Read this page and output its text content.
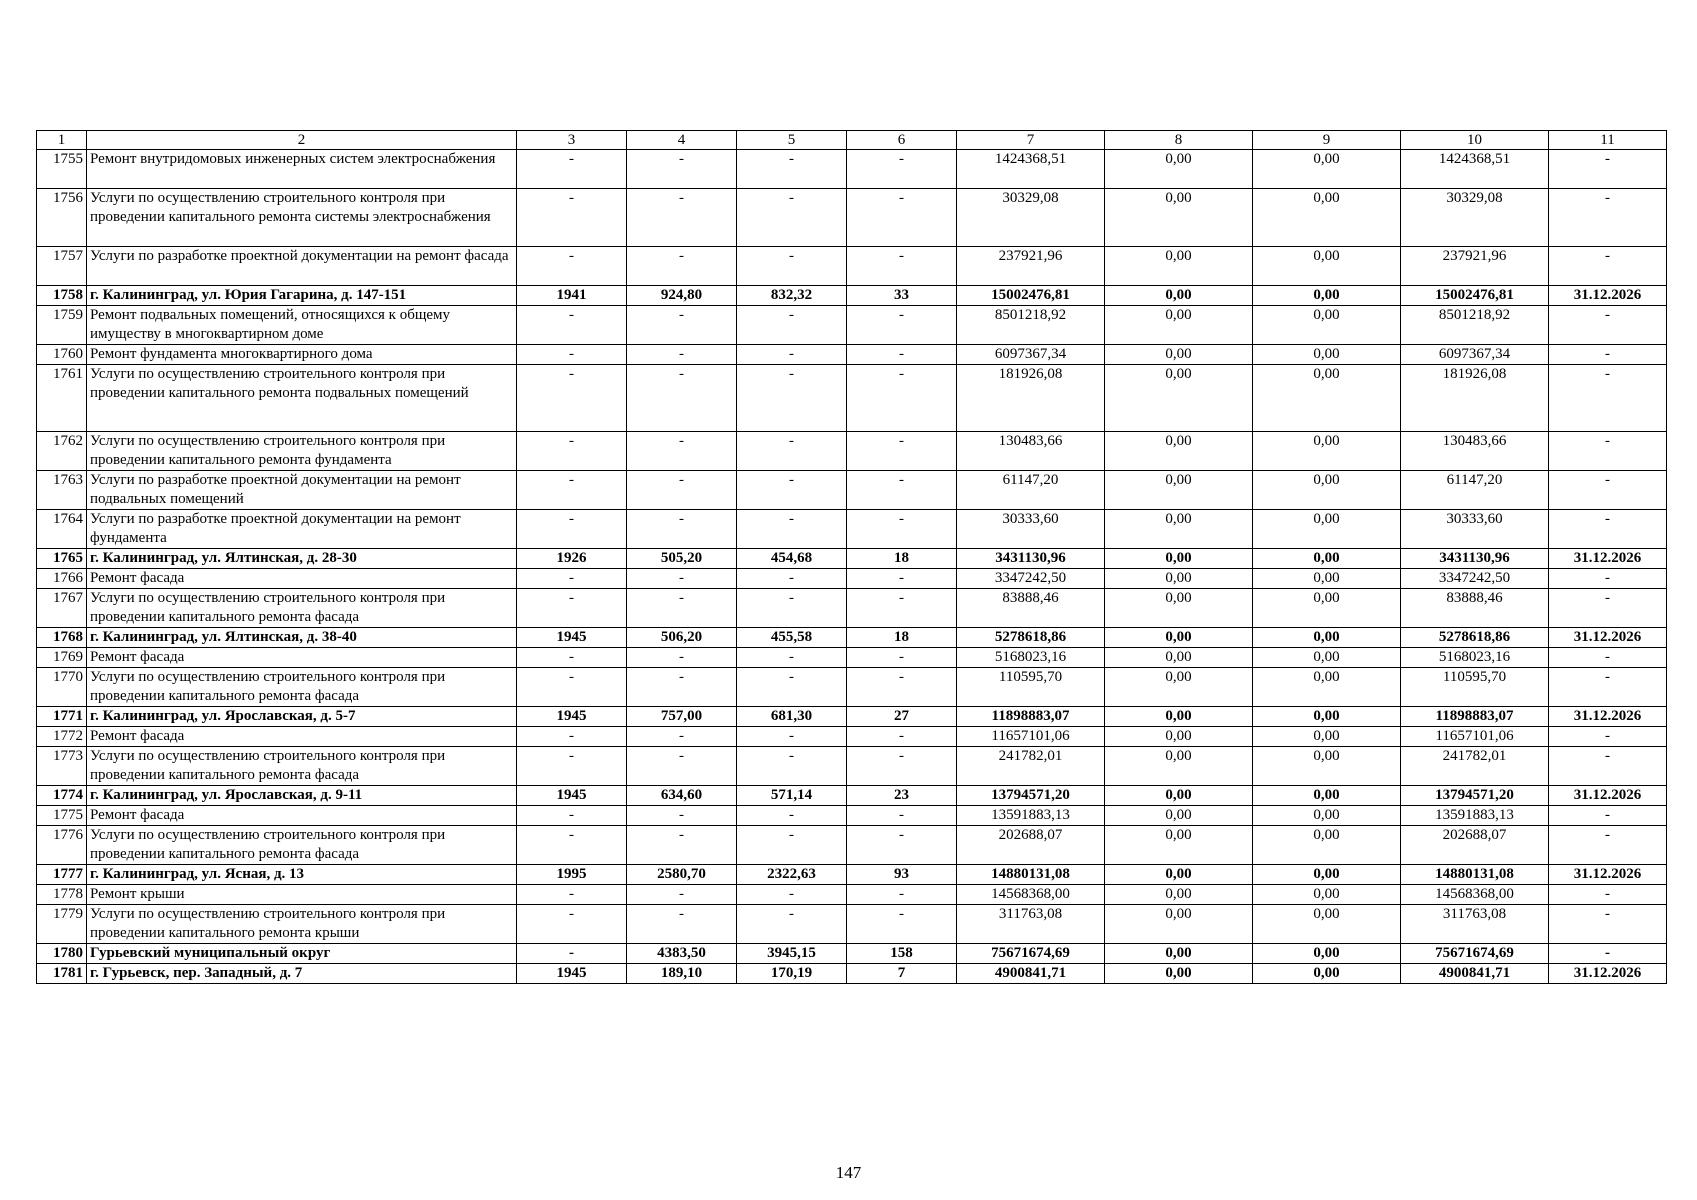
1	2	3	4	5	6	7	8	9	10	11
1755	Ремонт внутридомовых инженерных систем электроснабжения	-	-	-	-	1424368,51	0,00	0,00	1424368,51	-
1756	Услуги по осуществлению строительного контроля при проведении капитального ремонта системы электроснабжения	-	-	-	-	30329,08	0,00	0,00	30329,08	-
1757	Услуги по разработке проектной документации на ремонт фасада	-	-	-	-	237921,96	0,00	0,00	237921,96	-
1758	г. Калининград, ул. Юрия Гагарина, д. 147-151	1941	924,80	832,32	33	15002476,81	0,00	0,00	15002476,81	31.12.2026
1759	Ремонт подвальных помещений, относящихся к общему имуществу в многоквартирном доме	-	-	-	-	8501218,92	0,00	0,00	8501218,92	-
1760	Ремонт фундамента многоквартирного дома	-	-	-	-	6097367,34	0,00	0,00	6097367,34	-
1761	Услуги по осуществлению строительного контроля при проведении капитального ремонта подвальных помещений	-	-	-	-	181926,08	0,00	0,00	181926,08	-
1762	Услуги по осуществлению строительного контроля при проведении капитального ремонта фундамента	-	-	-	-	130483,66	0,00	0,00	130483,66	-
1763	Услуги по разработке проектной документации на ремонт подвальных помещений	-	-	-	-	61147,20	0,00	0,00	61147,20	-
1764	Услуги по разработке проектной документации на ремонт фундамента	-	-	-	-	30333,60	0,00	0,00	30333,60	-
1765	г. Калининград, ул. Ялтинская, д. 28-30	1926	505,20	454,68	18	3431130,96	0,00	0,00	3431130,96	31.12.2026
1766	Ремонт фасада	-	-	-	-	3347242,50	0,00	0,00	3347242,50	-
1767	Услуги по осуществлению строительного контроля при проведении капитального ремонта фасада	-	-	-	-	83888,46	0,00	0,00	83888,46	-
1768	г. Калининград, ул. Ялтинская, д. 38-40	1945	506,20	455,58	18	5278618,86	0,00	0,00	5278618,86	31.12.2026
1769	Ремонт фасада	-	-	-	-	5168023,16	0,00	0,00	5168023,16	-
1770	Услуги по осуществлению строительного контроля при проведении капитального ремонта фасада	-	-	-	-	110595,70	0,00	0,00	110595,70	-
1771	г. Калининград, ул. Ярославская, д. 5-7	1945	757,00	681,30	27	11898883,07	0,00	0,00	11898883,07	31.12.2026
1772	Ремонт фасада	-	-	-	-	11657101,06	0,00	0,00	11657101,06	-
1773	Услуги по осуществлению строительного контроля при проведении капитального ремонта фасада	-	-	-	-	241782,01	0,00	0,00	241782,01	-
1774	г. Калининград, ул. Ярославская, д. 9-11	1945	634,60	571,14	23	13794571,20	0,00	0,00	13794571,20	31.12.2026
1775	Ремонт фасада	-	-	-	-	13591883,13	0,00	0,00	13591883,13	-
1776	Услуги по осуществлению строительного контроля при проведении капитального ремонта фасада	-	-	-	-	202688,07	0,00	0,00	202688,07	-
1777	г. Калининград, ул. Ясная, д. 13	1995	2580,70	2322,63	93	14880131,08	0,00	0,00	14880131,08	31.12.2026
1778	Ремонт крыши	-	-	-	-	14568368,00	0,00	0,00	14568368,00	-
1779	Услуги по осуществлению строительного контроля при проведении капитального ремонта крыши	-	-	-	-	311763,08	0,00	0,00	311763,08	-
1780	Гурьевский муниципальный округ	-	4383,50	3945,15	158	75671674,69	0,00	0,00	75671674,69	-
1781	г. Гурьевск, пер. Западный, д. 7	1945	189,10	170,19	7	4900841,71	0,00	0,00	4900841,71	31.12.2026
147
